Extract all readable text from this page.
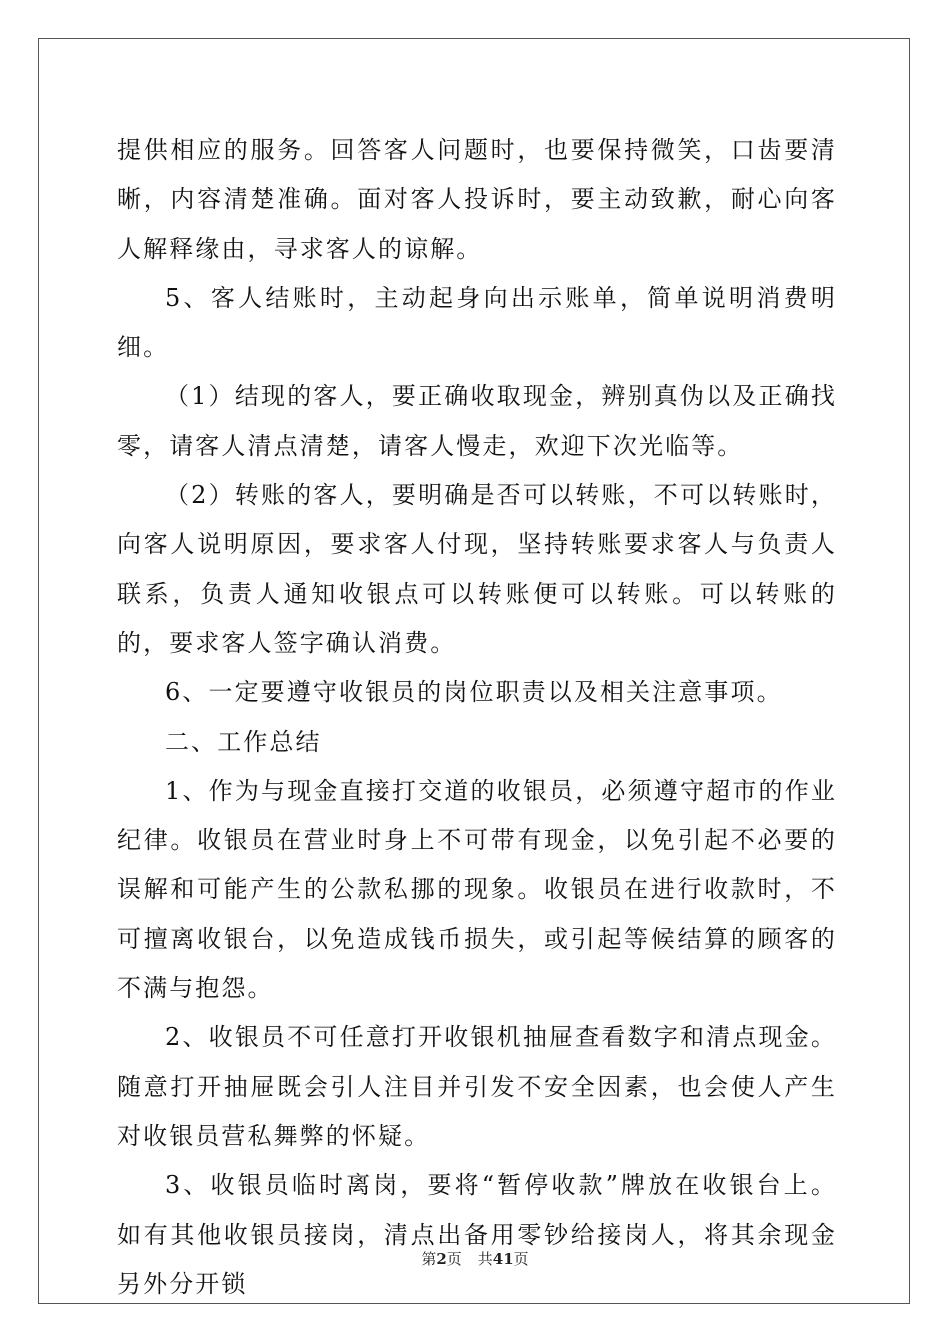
提供相应的服务。回答客人问题时，也要保持微笑，口齿要清晰，内容清楚准确。面对客人投诉时，要主动致歉，耐心向客人解释缘由，寻求客人的谅解。

5、客人结账时，主动起身向出示账单，简单说明消费明细。

（1）结现的客人，要正确收取现金，辨别真伪以及正确找零，请客人清点清楚，请客人慢走，欢迎下次光临等。

（2）转账的客人，要明确是否可以转账，不可以转账时，向客人说明原因，要求客人付现，坚持转账要求客人与负责人联系，负责人通知收银点可以转账便可以转账。可以转账的的，要求客人签字确认消费。

6、一定要遵守收银员的岗位职责以及相关注意事项。

二、工作总结

1、作为与现金直接打交道的收银员，必须遵守超市的作业纪律。收银员在营业时身上不可带有现金，以免引起不必要的误解和可能产生的公款私挪的现象。收银员在进行收款时，不可擅离收银台，以免造成钱币损失，或引起等候结算的顾客的不满与抱怨。

2、收银员不可任意打开收银机抽屉查看数字和清点现金。随意打开抽屉既会引人注目并引发不安全因素，也会使人产生对收银员营私舞弊的怀疑。

3、收银员临时离岗，要将“暂停收款”牌放在收银台上。如有其他收银员接岗，清点出备用零钞给接岗人，将其余现金另外分开锁

第2页 共41页
